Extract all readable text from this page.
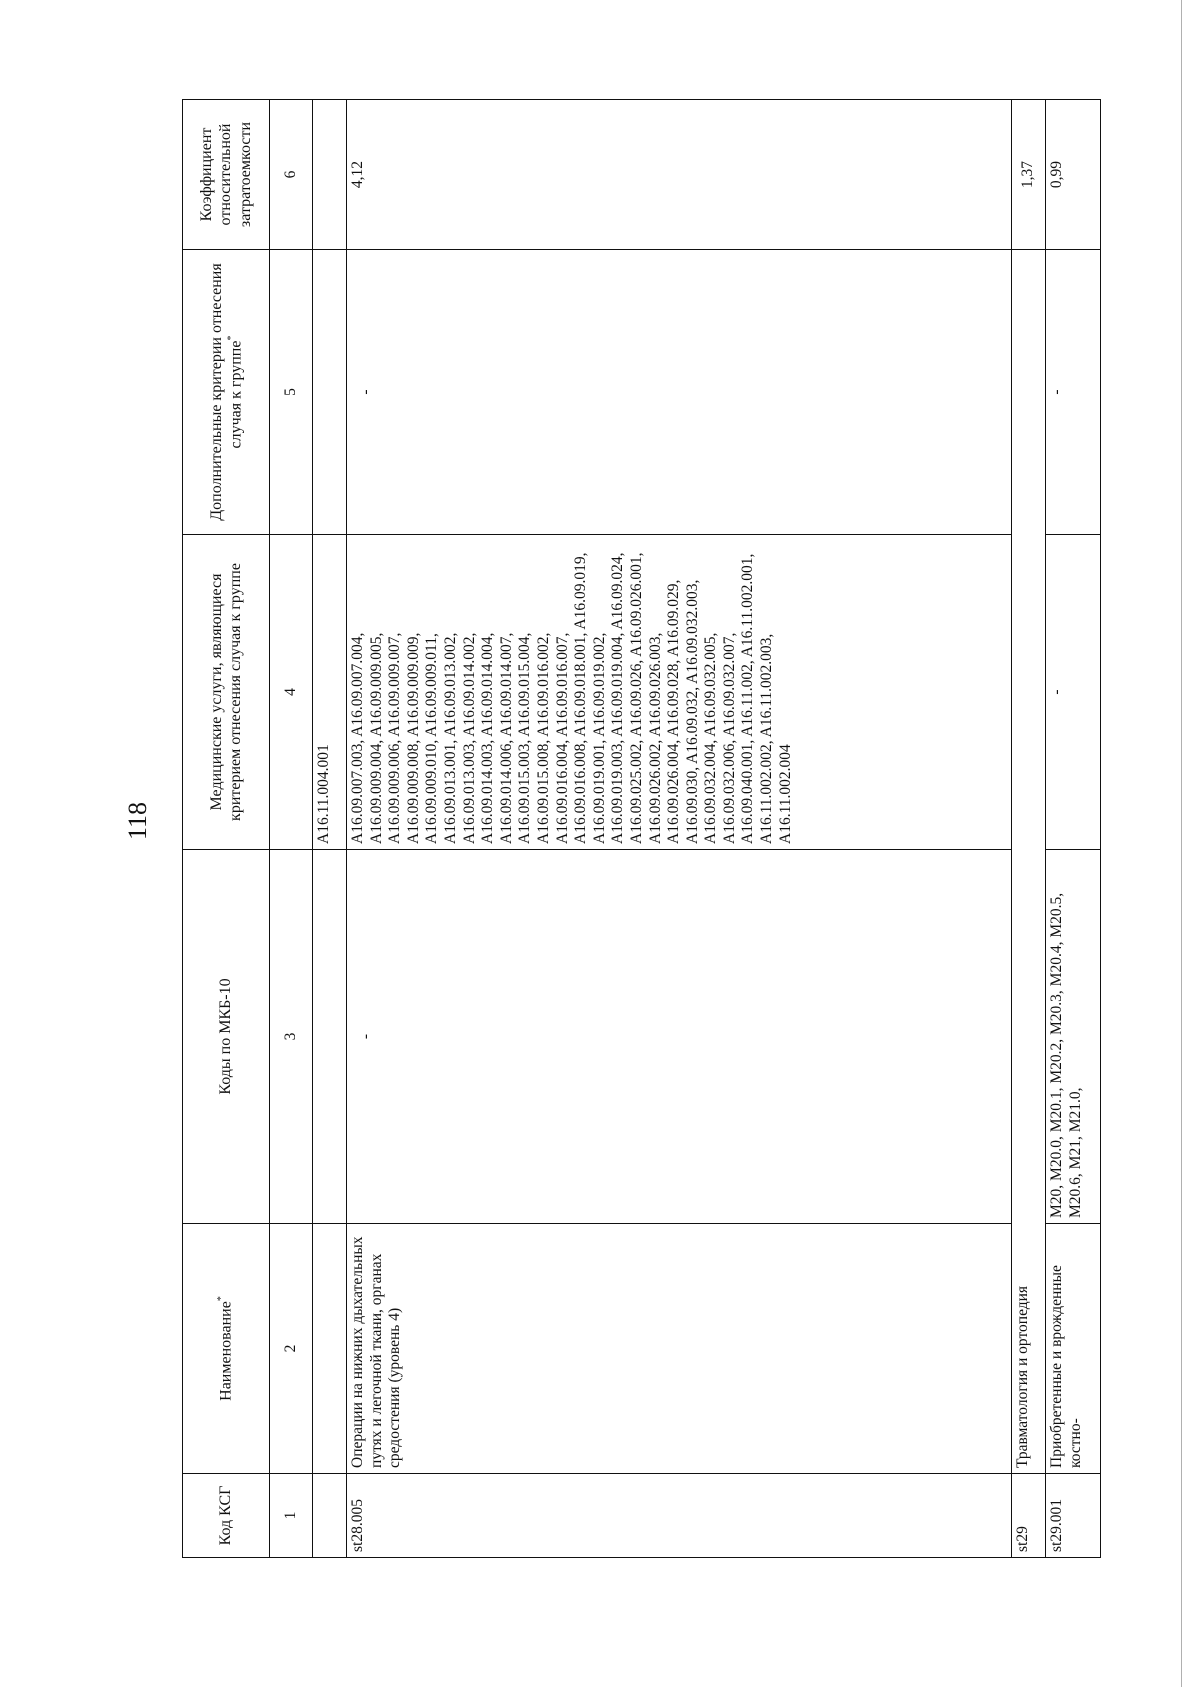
118
Код КСГ	Наименование*	Коды по МКБ-10	Медицинские услуги, являющиеся критерием отнесения случая к группе	Дополнительные критерии отнесения случая к группе*	Коэффициент относительной затратоемкости
1	2	3	4	5	6
			A16.11.004.001		
st28.005	Операции на нижних дыхательных путях и легочной ткани, органах средостения (уровень 4)	-	A16.09.007.003, A16.09.007.004, A16.09.009.004, A16.09.009.005, A16.09.009.006, A16.09.009.007, A16.09.009.008, A16.09.009.009, A16.09.009.010, A16.09.009.011, A16.09.013.001, A16.09.013.002, A16.09.013.003, A16.09.014.002, A16.09.014.003, A16.09.014.004, A16.09.014.006, A16.09.014.007, A16.09.015.003, A16.09.015.004, A16.09.015.008, A16.09.016.002, A16.09.016.004, A16.09.016.007, A16.09.016.008, A16.09.018.001, A16.09.019, A16.09.019.001, A16.09.019.002, A16.09.019.003, A16.09.019.004, A16.09.024, A16.09.025.002, A16.09.026, A16.09.026.001, A16.09.026.002, A16.09.026.003, A16.09.026.004, A16.09.028, A16.09.029, A16.09.030, A16.09.032, A16.09.032.003, A16.09.032.004, A16.09.032.005, A16.09.032.006, A16.09.032.007, A16.09.040.001, A16.11.002, A16.11.002.001, A16.11.002.002, A16.11.002.003, A16.11.002.004	-	4,12
st29	Травматология и ортопедия				1,37
st29.001	Приобретенные и врожденные костно-	M20, M20.0, M20.1, M20.2, M20.3, M20.4, M20.5, M20.6, M21, M21.0,	-	-	0,99
